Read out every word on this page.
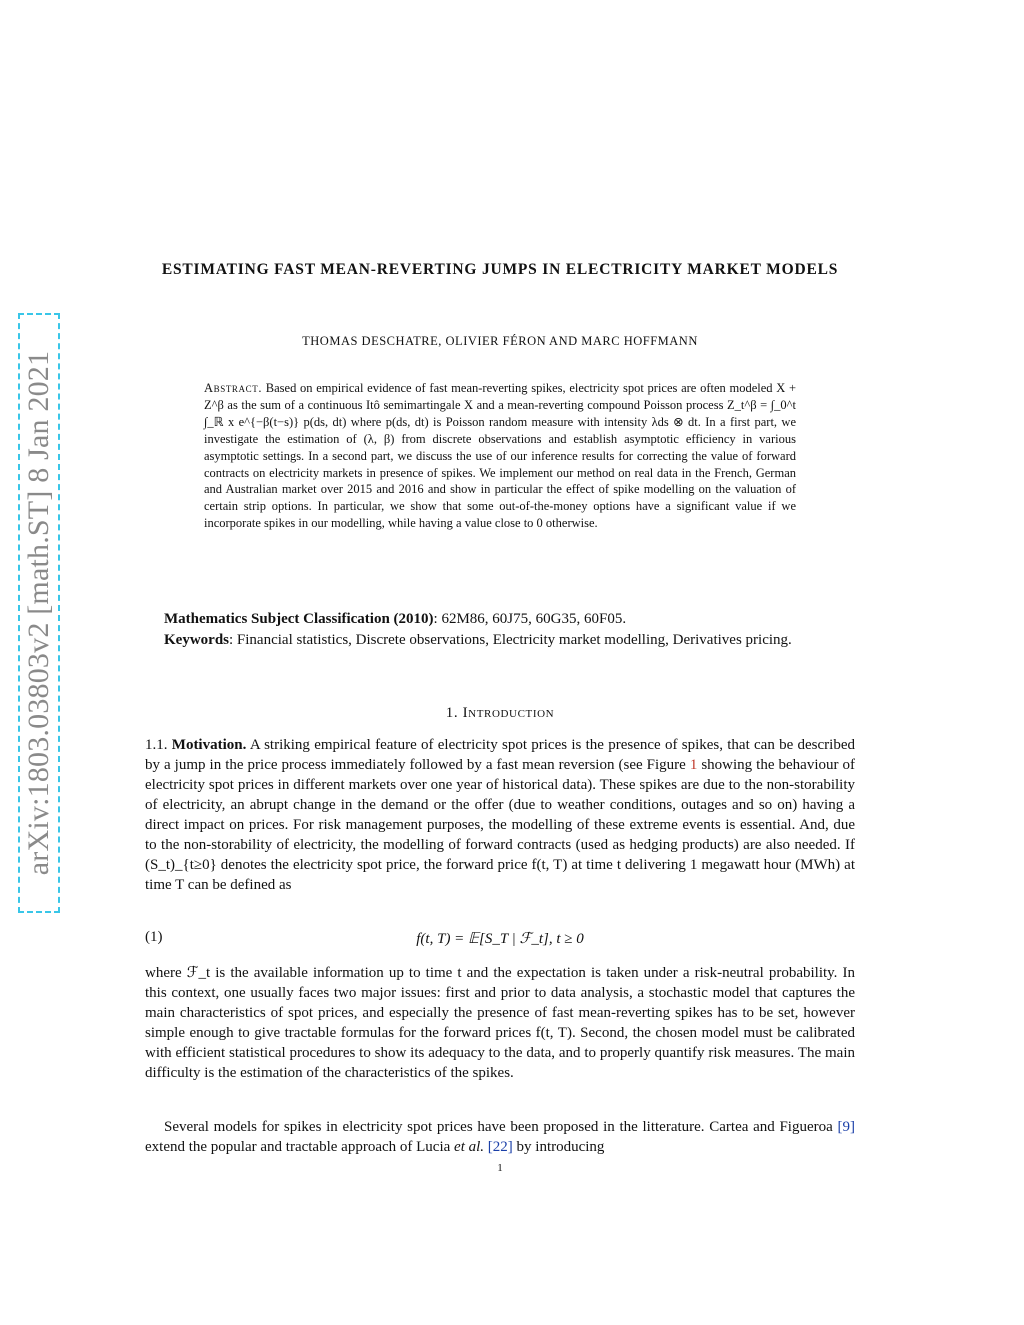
arXiv:1803.03803v2 [math.ST] 8 Jan 2021
ESTIMATING FAST MEAN-REVERTING JUMPS IN ELECTRICITY MARKET MODELS
THOMAS DESCHATRE, OLIVIER FÉRON AND MARC HOFFMANN
Abstract. Based on empirical evidence of fast mean-reverting spikes, electricity spot prices are often modeled X + Z^β as the sum of a continuous Itô semimartingale X and a mean-reverting compound Poisson process Z_t^β = ∫_0^t ∫_ℝ x e^{−β(t−s)} p(ds, dt) where p(ds, dt) is Poisson random measure with intensity λds ⊗ dt. In a first part, we investigate the estimation of (λ, β) from discrete observations and establish asymptotic efficiency in various asymptotic settings. In a second part, we discuss the use of our inference results for correcting the value of forward contracts on electricity markets in presence of spikes. We implement our method on real data in the French, German and Australian market over 2015 and 2016 and show in particular the effect of spike modelling on the valuation of certain strip options. In particular, we show that some out-of-the-money options have a significant value if we incorporate spikes in our modelling, while having a value close to 0 otherwise.

Mathematics Subject Classification (2010): 62M86, 60J75, 60G35, 60F05.

Keywords: Financial statistics, Discrete observations, Electricity market modelling, Derivatives pricing.

1. Introduction

1.1. Motivation. A striking empirical feature of electricity spot prices is the presence of spikes, that can be described by a jump in the price process immediately followed by a fast mean reversion (see Figure 1 showing the behaviour of electricity spot prices in different markets over one year of historical data). These spikes are due to the non-storability of electricity, an abrupt change in the demand or the offer (due to weather conditions, outages and so on) having a direct impact on prices. For risk management purposes, the modelling of these extreme events is essential. And, due to the non-storability of electricity, the modelling of forward contracts (used as hedging products) are also needed. If (S_t)_{t≥0} denotes the electricity spot price, the forward price f(t, T) at time t delivering 1 megawatt hour (MWh) at time T can be defined as

(1)	f(t, T) = 𝔼[S_T | ℱ_t], t ≥ 0

where ℱ_t is the available information up to time t and the expectation is taken under a risk-neutral probability. In this context, one usually faces two major issues: first and prior to data analysis, a stochastic model that captures the main characteristics of spot prices, and especially the presence of fast mean-reverting spikes has to be set, however simple enough to give tractable formulas for the forward prices f(t, T). Second, the chosen model must be calibrated with efficient statistical procedures to show its adequacy to the data, and to properly quantify risk measures. The main difficulty is the estimation of the characteristics of the spikes.

Several models for spikes in electricity spot prices have been proposed in the litterature. Cartea and Figueroa [9] extend the popular and tractable approach of Lucia et al. [22] by introducing

1
